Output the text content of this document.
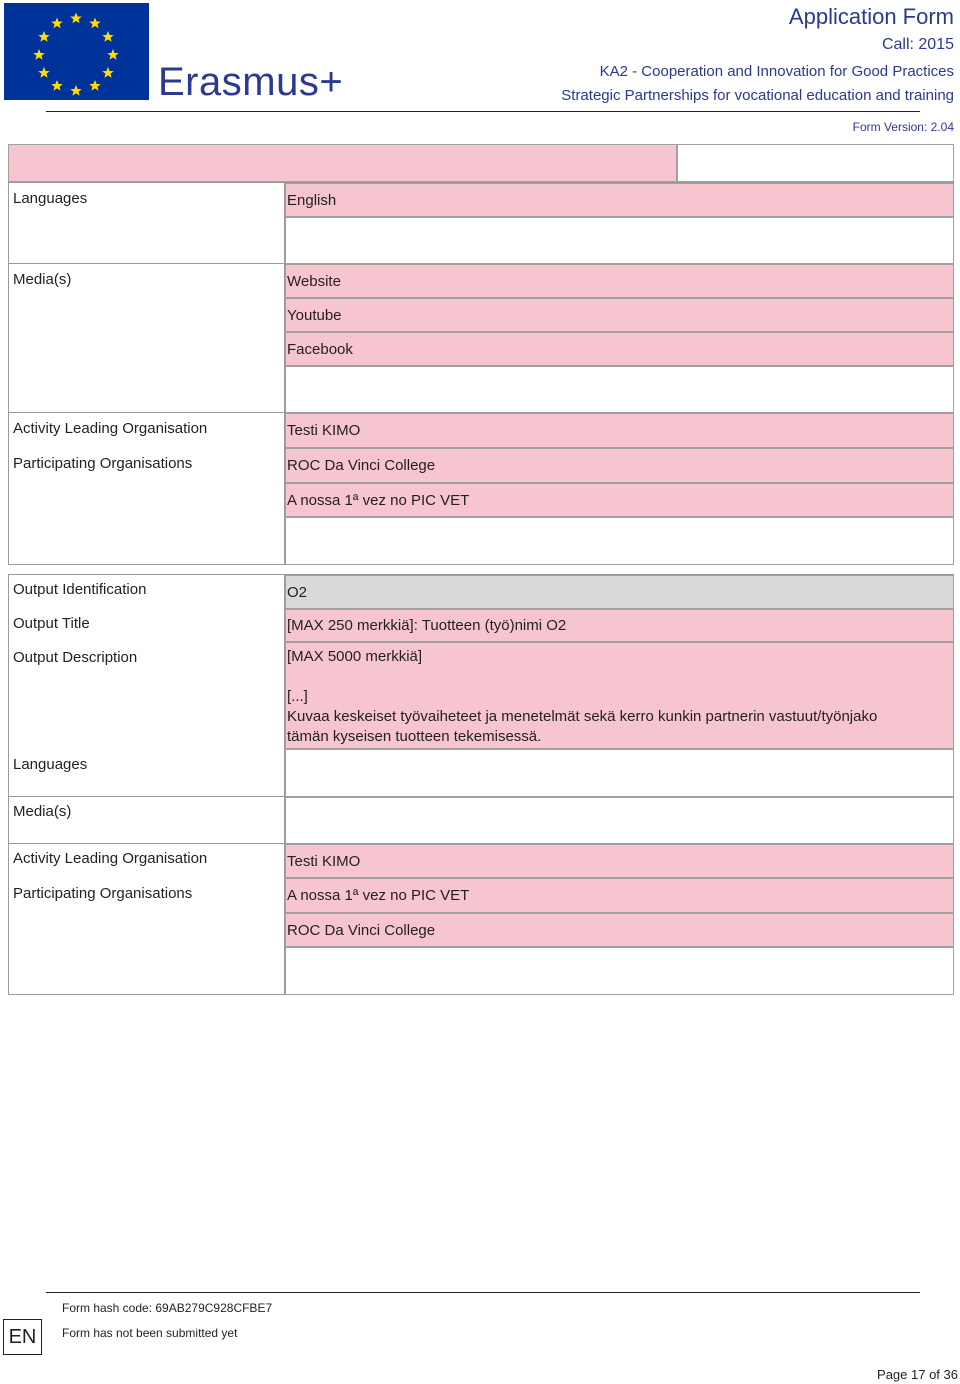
Erasmus+
Application Form
Call: 2015
KA2 - Cooperation and Innovation for Good Practices
Strategic Partnerships for vocational education and training
Form Version: 2.04
Languages	English
Media(s)	Website
Youtube
Facebook
Activity Leading Organisation	Testi KIMO
Participating Organisations	ROC Da Vinci College
A nossa 1ª vez no PIC VET
Output Identification	O2
Output Title	[MAX 250 merkkiä]: Tuotteen (työ)nimi O2
Output Description	[MAX 5000 merkkiä]
[...]
Kuvaa keskeiset työvaiheteet ja menetelmät sekä kerro kunkin partnerin vastuut/työnjako
tämän kyseisen tuotteen tekemisessä.
Languages
Media(s)
Activity Leading Organisation	Testi KIMO
Participating Organisations	A nossa 1ª vez no PIC VET
ROC Da Vinci College
EN
Form hash code: 69AB279C928CFBE7
Form has not been submitted yet
Page 17 of 36
